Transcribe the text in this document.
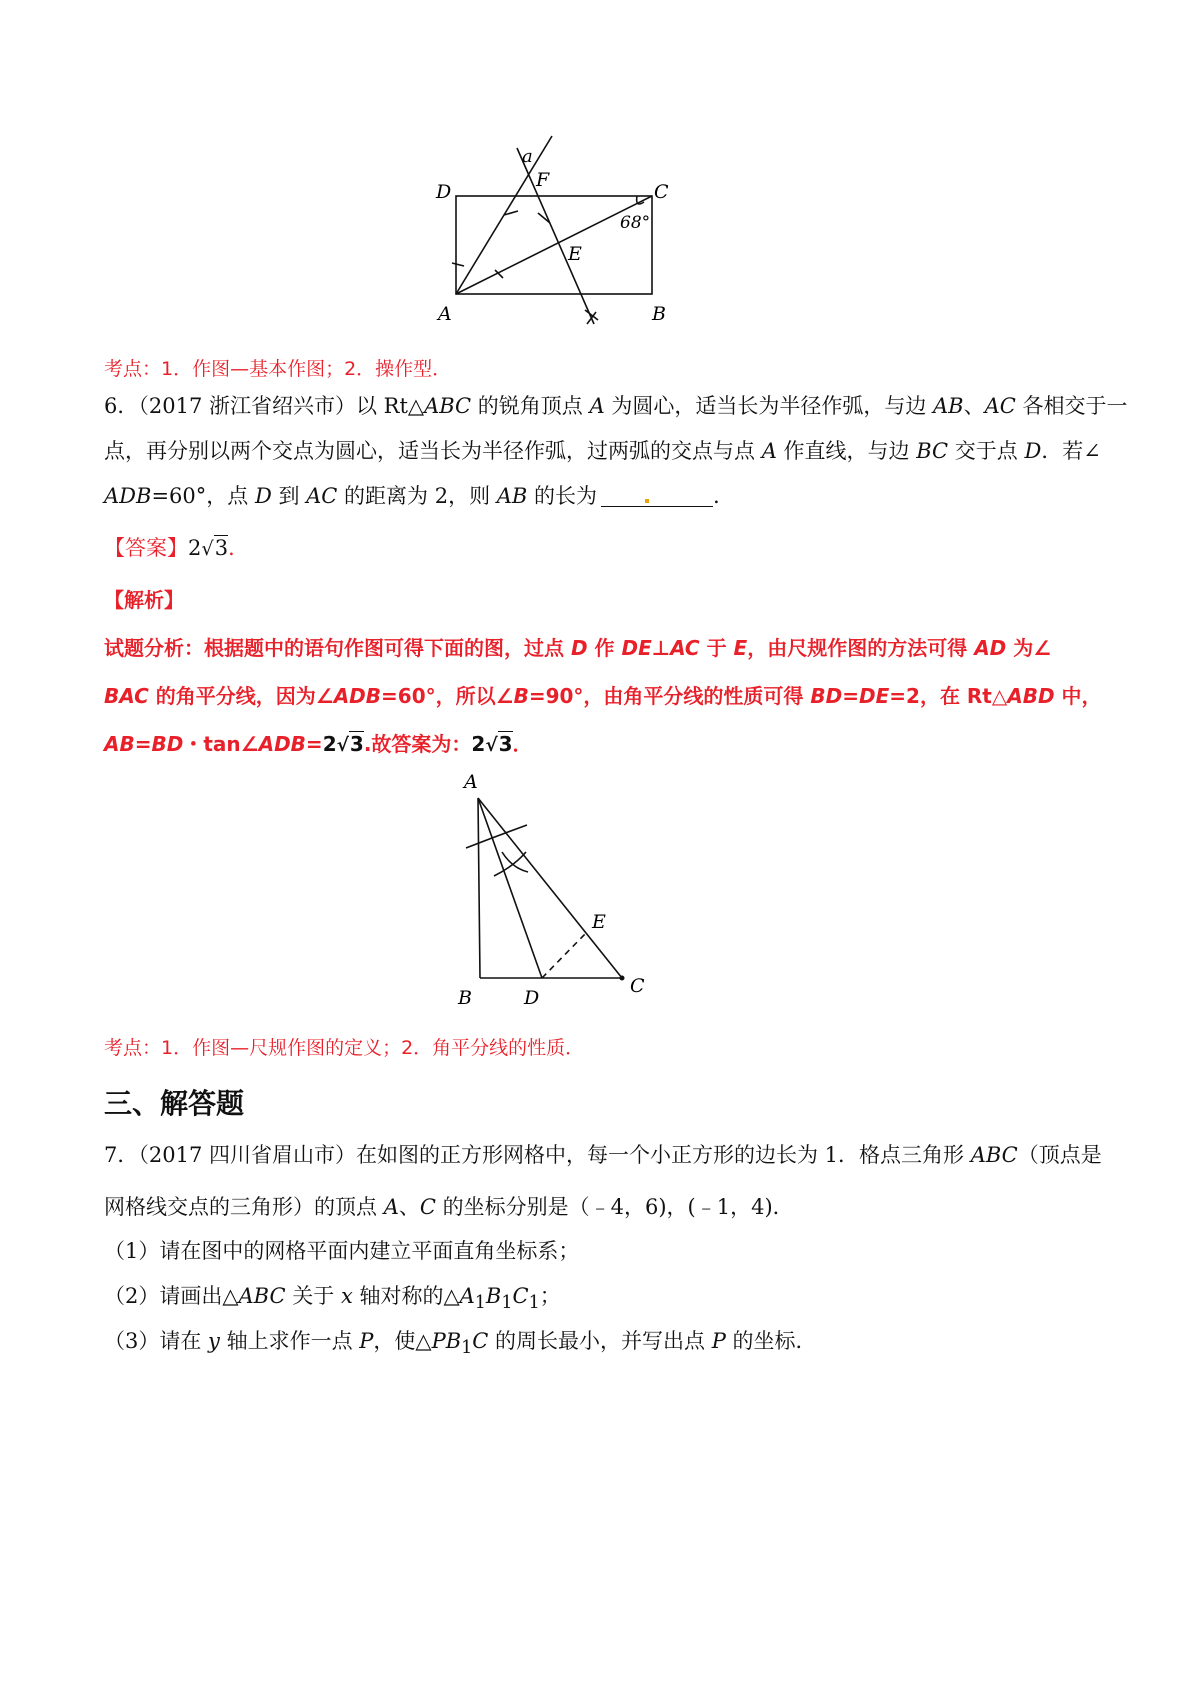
a
F
D	C
68°
E
A	B
考点：1．作图—基本作图；2．操作型．
6．（2017 浙江省绍兴市）以 Rt△ABC 的锐角顶点 A 为圆心，适当长为半径作弧，与边 AB、AC 各相交于一
点，再分别以两个交点为圆心，适当长为半径作弧，过两弧的交点与点 A 作直线，与边 BC 交于点 D．若∠
ADB=60°，点 D 到 AC 的距离为 2，则 AB 的长为	．
【答案】2√3．
【解析】
试题分析：根据题中的语句作图可得下面的图，过点 D 作 DE⊥AC 于 E，由尺规作图的方法可得 AD 为∠
BAC 的角平分线，因为∠ADB=60°，所以∠B=90°，由角平分线的性质可得 BD=DE=2，在 Rt△ABD 中，
AB=BD・tan∠ADB=2√3.故答案为：2√3．
A
E
B	D
C
考点：1．作图—尺规作图的定义；2．角平分线的性质．
三、解答题
7．（2017 四川省眉山市）在如图的正方形网格中，每一个小正方形的边长为 1．格点三角形 ABC（顶点是
网格线交点的三角形）的顶点 A、C 的坐标分别是（﹣4，6)，(﹣1，4)．
（1）请在图中的网格平面内建立平面直角坐标系；
（2）请画出△ABC 关于 x 轴对称的$\triangle A_1B_1C_1$；
（3）请在 y 轴上求作一点 P，使$\triangle PB_1C$ 的周长最小，并写出点 P 的坐标．
